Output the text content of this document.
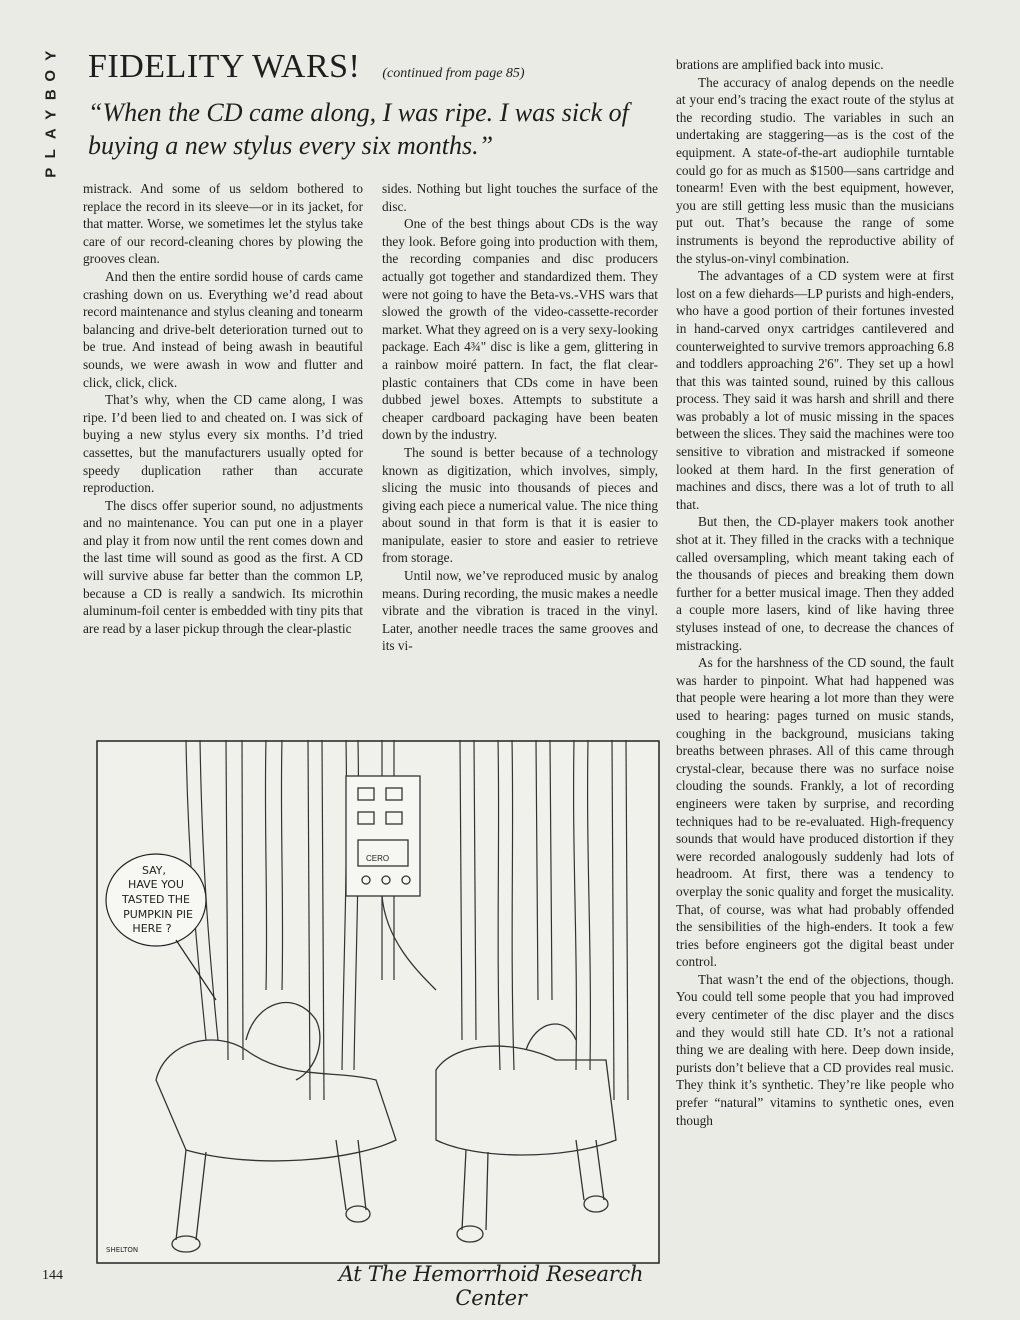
Y
O
B
Y
A
L
P
FIDELITY WARS! (continued from page 85)

“When the CD came along, I was ripe. I was sick of buying a new stylus every six months.”

mistrack. And some of us seldom bothered to replace the record in its sleeve—or in its jacket, for that matter. Worse, we sometimes let the stylus take care of our record-cleaning chores by plowing the grooves clean.

And then the entire sordid house of cards came crashing down on us. Everything we’d read about record maintenance and stylus cleaning and tonearm balancing and drive-belt deterioration turned out to be true. And instead of being awash in beautiful sounds, we were awash in wow and flutter and click, click, click.

That’s why, when the CD came along, I was ripe. I’d been lied to and cheated on. I was sick of buying a new stylus every six months. I’d tried cassettes, but the manufacturers usually opted for speedy duplication rather than accurate reproduction.

The discs offer superior sound, no adjustments and no maintenance. You can put one in a player and play it from now until the rent comes down and the last time will sound as good as the first. A CD will survive abuse far better than the common LP, because a CD is really a sandwich. Its microthin aluminum-foil center is embedded with tiny pits that are read by a laser pickup through the clear-plastic

sides. Nothing but light touches the surface of the disc.

One of the best things about CDs is the way they look. Before going into production with them, the recording companies and disc producers actually got together and standardized them. They were not going to have the Beta-vs.-VHS wars that slowed the growth of the video-cassette-recorder market. What they agreed on is a very sexy-looking package. Each 4¾" disc is like a gem, glittering in a rainbow moiré pattern. In fact, the flat clear-plastic containers that CDs come in have been dubbed jewel boxes. Attempts to substitute a cheaper cardboard packaging have been beaten down by the industry.

The sound is better because of a technology known as digitization, which involves, simply, slicing the music into thousands of pieces and giving each piece a numerical value. The nice thing about sound in that form is that it is easier to manipulate, easier to store and easier to retrieve from storage.

Until now, we’ve reproduced music by analog means. During recording, the music makes a needle vibrate and the vibration is traced in the vinyl. Later, another needle traces the same grooves and its vi-

brations are amplified back into music.

The accuracy of analog depends on the needle at your end’s tracing the exact route of the stylus at the recording studio. The variables in such an undertaking are staggering—as is the cost of the equipment. A state-of-the-art audiophile turntable could go for as much as $1500—sans cartridge and tonearm! Even with the best equipment, however, you are still getting less music than the musicians put out. That’s because the range of some instruments is beyond the reproductive ability of the stylus-on-vinyl combination.

The advantages of a CD system were at first lost on a few diehards—LP purists and high-enders, who have a good portion of their fortunes invested in hand-carved onyx cartridges cantilevered and counterweighted to survive tremors approaching 6.8 and toddlers approaching 2'6". They set up a howl that this was tainted sound, ruined by this callous process. They said it was harsh and shrill and there was probably a lot of music missing in the spaces between the slices. They said the machines were too sensitive to vibration and mistracked if someone looked at them hard. In the first generation of machines and discs, there was a lot of truth to all that.

But then, the CD-player makers took another shot at it. They filled in the cracks with a technique called oversampling, which meant taking each of the thousands of pieces and breaking them down further for a better musical image. Then they added a couple more lasers, kind of like having three styluses instead of one, to decrease the chances of mistracking.

As for the harshness of the CD sound, the fault was harder to pinpoint. What had happened was that people were hearing a lot more than they were used to hearing: pages turned on music stands, coughing in the background, musicians taking breaths between phrases. All of this came through crystal-clear, because there was no surface noise clouding the sounds. Frankly, a lot of recording engineers were taken by surprise, and recording techniques had to be re-evaluated. High-frequency sounds that would have produced distortion if they were recorded analogously suddenly had lots of headroom. At first, there was a tendency to overplay the sonic quality and forget the musicality. That, of course, was what had probably offended the sensibilities of the high-enders. It took a few tries before engineers got the digital beast under control.

That wasn’t the end of the objections, though. You could tell some people that you had improved every centimeter of the disc player and the discs and they would still hate CD. It’s not a rational thing we are dealing with here. Deep down inside, purists don’t believe that a CD provides real music. They think it’s synthetic. They’re like people who prefer “natural” vitamins to synthetic ones, even though

CERO
SAY,
HAVE YOU
TASTED THE
PUMPKIN PIE
HERE ?
SHELTON
At The Hemorrhoid Research Center
144
